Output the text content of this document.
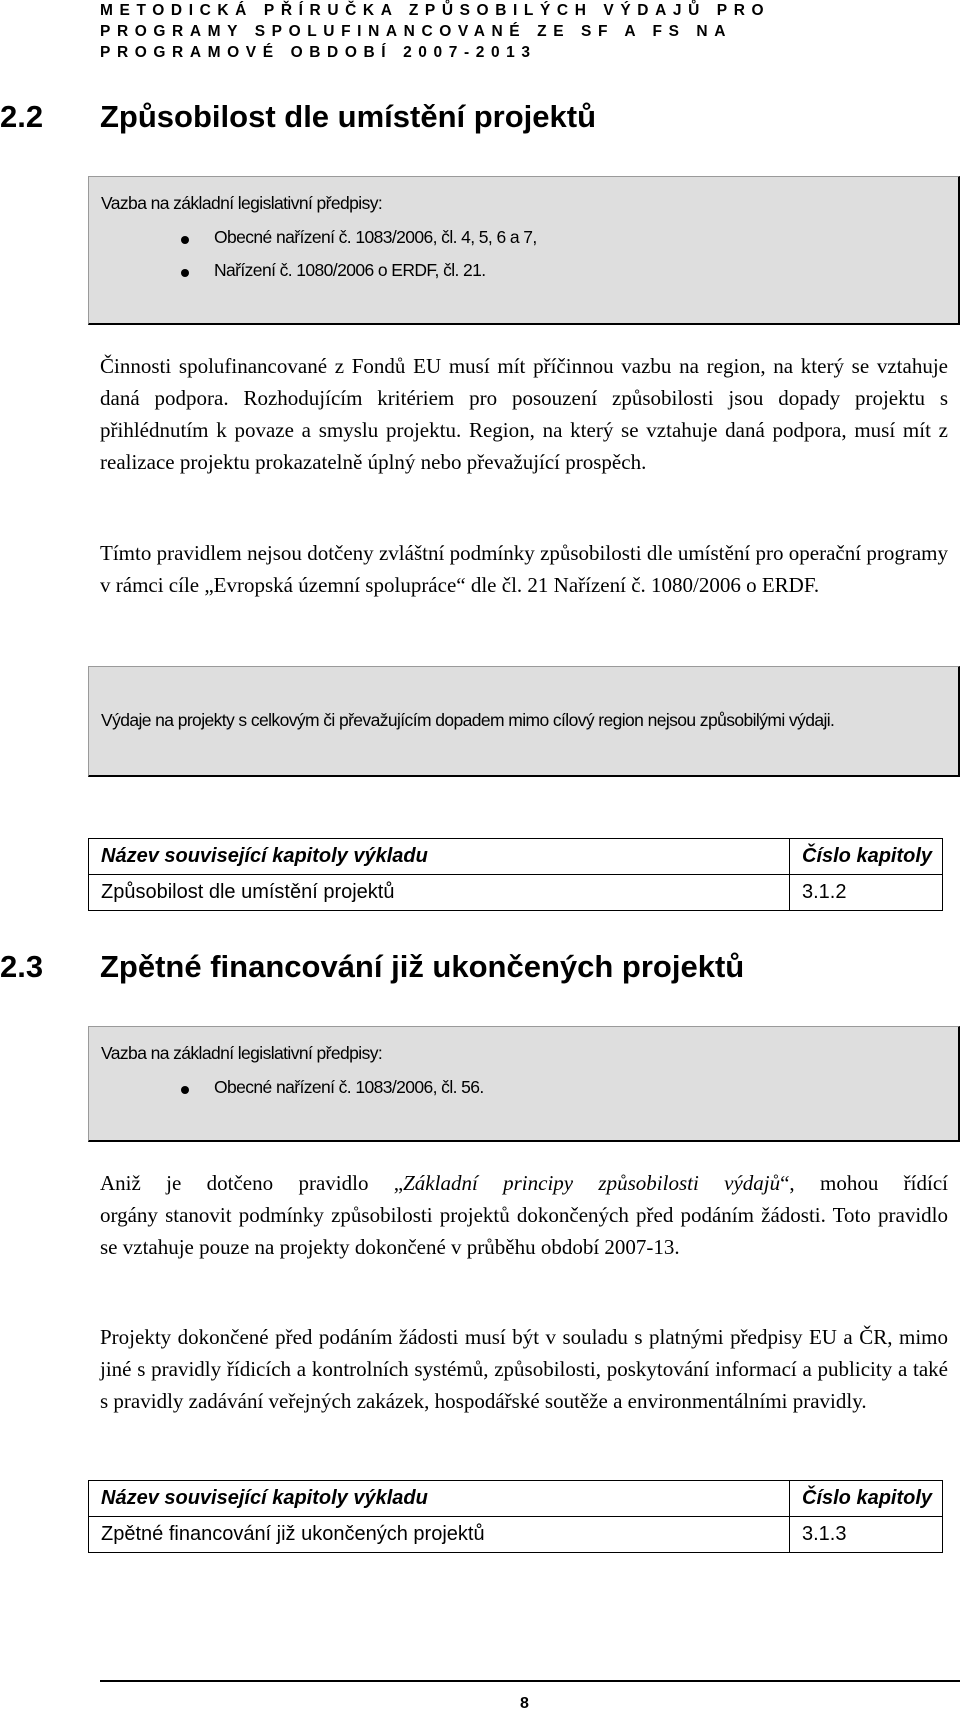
METODICKÁ PŘÍRUČKA ZPŮSOBILÝCH VÝDAJŮ PRO
PROGRAMY SPOLUFINANCOVANÉ ZE SF A FS NA
PROGRAMOVÉ OBDOBÍ 2007-2013
2.2 Způsobilost dle umístění projektů
Vazba na základní legislativní předpisy:
Obecné nařízení č. 1083/2006, čl. 4, 5, 6 a 7,
Nařízení č. 1080/2006 o ERDF, čl. 21.

Činnosti spolufinancované z Fondů EU musí mít příčinnou vazbu na region, na který se vztahuje daná podpora. Rozhodujícím kritériem pro posouzení způsobilosti jsou dopady projektu s přihlédnutím k povaze a smyslu projektu. Region, na který se vztahuje daná podpora, musí mít z realizace projektu prokazatelně úplný nebo převažující prospěch.

Tímto pravidlem nejsou dotčeny zvláštní podmínky způsobilosti dle umístění pro operační programy v rámci cíle „Evropská územní spolupráce“ dle čl. 21 Nařízení č. 1080/2006 o ERDF.

Výdaje na projekty s celkovým či převažujícím dopadem mimo cílový region nejsou způsobilými výdaji.
Název související kapitoly výkladu	Číslo kapitoly
Způsobilost dle umístění projektů	3.1.2
2.3 Zpětné financování již ukončených projektů
Vazba na základní legislativní předpisy:
Obecné nařízení č. 1083/2006, čl. 56.
Aniž je dotčeno pravidlo „Základní principy způsobilosti výdajů“, mohou řídící
orgány stanovit podmínky způsobilosti projektů dokončených před podáním žádosti. Toto pravidlo se vztahuje pouze na projekty dokončené v průběhu období 2007-13.

Projekty dokončené před podáním žádosti musí být v souladu s platnými předpisy EU a ČR, mimo jiné s pravidly řídicích a kontrolních systémů, způsobilosti, poskytování informací a publicity a také s pravidly zadávání veřejných zakázek, hospodářské soutěže a environmentálními pravidly.

Název související kapitoly výkladu	Číslo kapitoly
Zpětné financování již ukončených projektů	3.1.3
8
